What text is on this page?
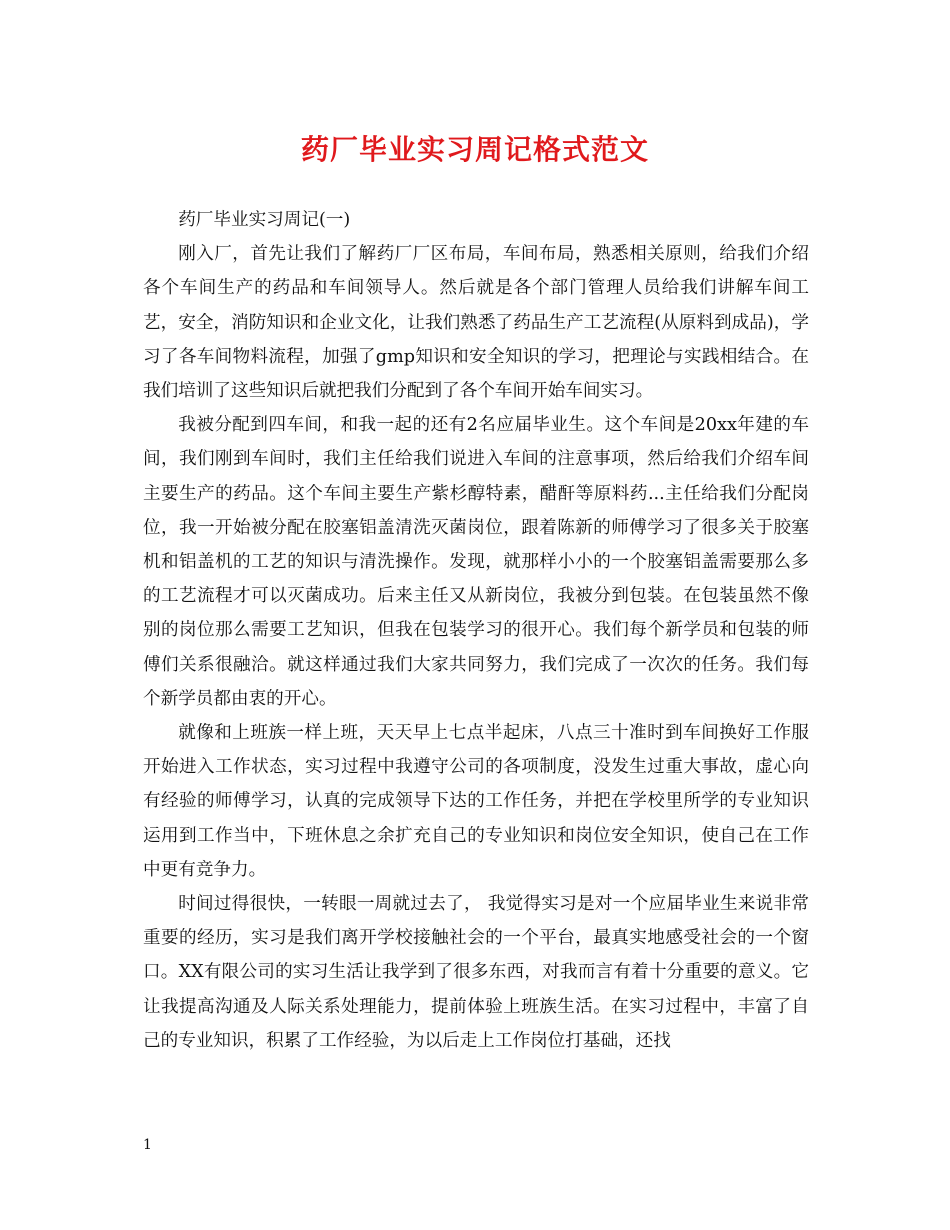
药厂毕业实习周记格式范文

药厂毕业实习周记(一)

刚入厂，首先让我们了解药厂厂区布局，车间布局，熟悉相关原则，给我们介绍各个车间生产的药品和车间领导人。然后就是各个部门管理人员给我们讲解车间工艺，安全，消防知识和企业文化，让我们熟悉了药品生产工艺流程(从原料到成品)，学习了各车间物料流程，加强了gmp知识和安全知识的学习，把理论与实践相结合。在我们培训了这些知识后就把我们分配到了各个车间开始车间实习。

我被分配到四车间，和我一起的还有2名应届毕业生。这个车间是20xx年建的车间，我们刚到车间时，我们主任给我们说进入车间的注意事项，然后给我们介绍车间主要生产的药品。这个车间主要生产紫杉醇特素，醋酐等原料药...主任给我们分配岗位，我一开始被分配在胶塞铝盖清洗灭菌岗位，跟着陈新的师傅学习了很多关于胶塞机和铝盖机的工艺的知识与清洗操作。发现，就那样小小的一个胶塞铝盖需要那么多的工艺流程才可以灭菌成功。后来主任又从新岗位，我被分到包装。在包装虽然不像别的岗位那么需要工艺知识，但我在包装学习的很开心。我们每个新学员和包装的师傅们关系很融洽。就这样通过我们大家共同努力，我们完成了一次次的任务。我们每个新学员都由衷的开心。

就像和上班族一样上班，天天早上七点半起床，八点三十准时到车间换好工作服开始进入工作状态，实习过程中我遵守公司的各项制度，没发生过重大事故，虚心向有经验的师傅学习，认真的完成领导下达的工作任务，并把在学校里所学的专业知识运用到工作当中，下班休息之余扩充自己的专业知识和岗位安全知识，使自己在工作中更有竞争力。

时间过得很快，一转眼一周就过去了， 我觉得实习是对一个应届毕业生来说非常重要的经历，实习是我们离开学校接触社会的一个平台，最真实地感受社会的一个窗口。XX有限公司的实习生活让我学到了很多东西，对我而言有着十分重要的意义。它让我提高沟通及人际关系处理能力，提前体验上班族生活。在实习过程中，丰富了自己的专业知识，积累了工作经验，为以后走上工作岗位打基础，还找

1
